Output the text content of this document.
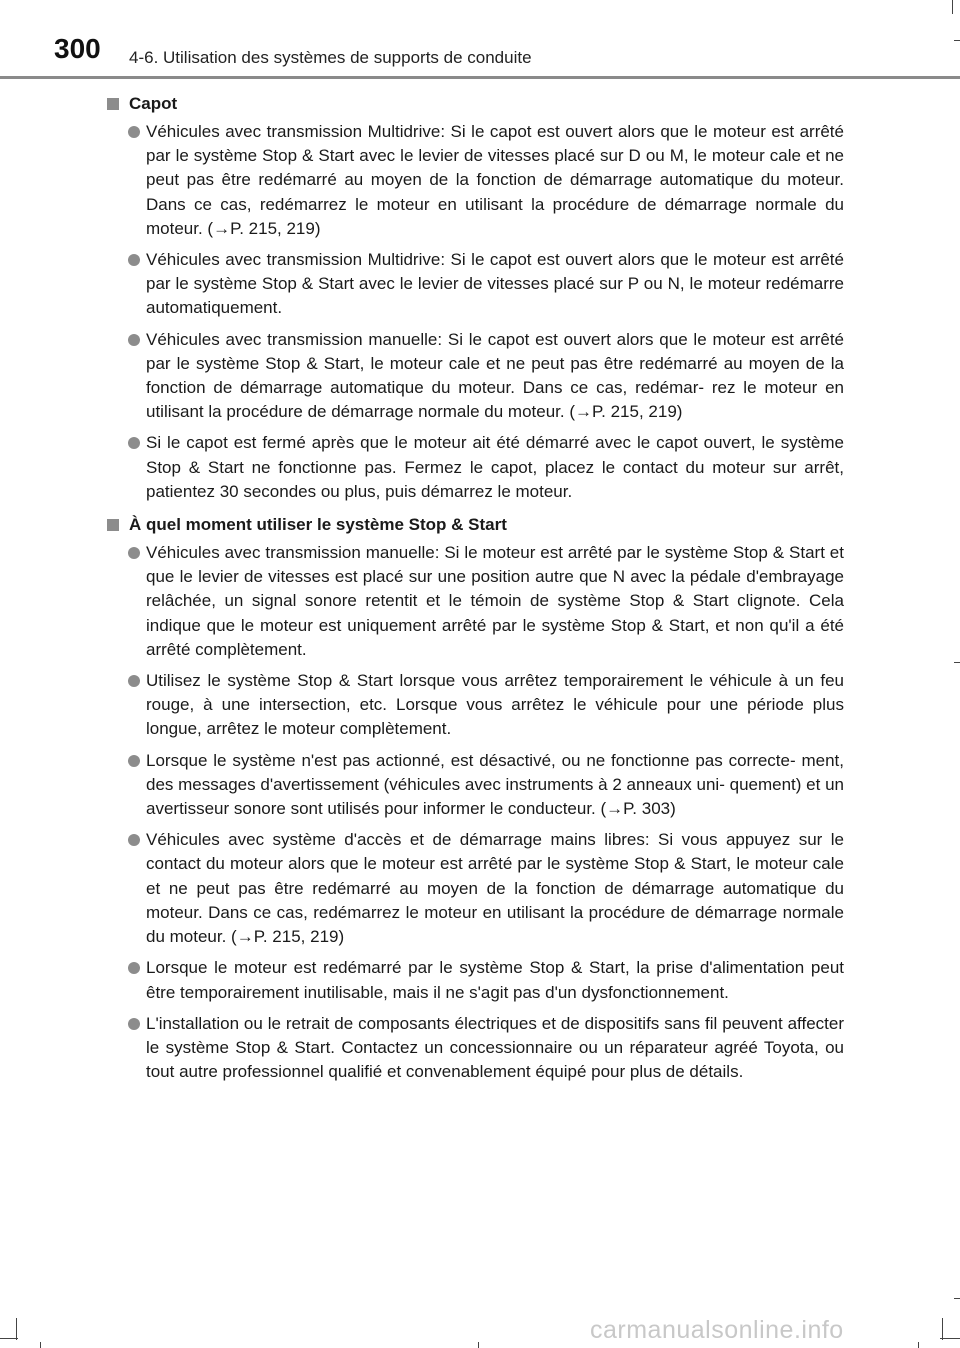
300 4-6. Utilisation des systèmes de supports de conduite
Capot
Véhicules avec transmission Multidrive: Si le capot est ouvert alors que le moteur est arrêté par le système Stop & Start avec le levier de vitesses placé sur D ou M, le moteur cale et ne peut pas être redémarré au moyen de la fonction de démarrage automatique du moteur. Dans ce cas, redémarrez le moteur en utilisant la procédure de démarrage normale du moteur. (→P. 215, 219)
Véhicules avec transmission Multidrive: Si le capot est ouvert alors que le moteur est arrêté par le système Stop & Start avec le levier de vitesses placé sur P ou N, le moteur redémarre automatiquement.
Véhicules avec transmission manuelle: Si le capot est ouvert alors que le moteur est arrêté par le système Stop & Start, le moteur cale et ne peut pas être redémarré au moyen de la fonction de démarrage automatique du moteur. Dans ce cas, redémar- rez le moteur en utilisant la procédure de démarrage normale du moteur. (→P. 215, 219)
Si le capot est fermé après que le moteur ait été démarré avec le capot ouvert, le système Stop & Start ne fonctionne pas. Fermez le capot, placez le contact du moteur sur arrêt, patientez 30 secondes ou plus, puis démarrez le moteur.
À quel moment utiliser le système Stop & Start
Véhicules avec transmission manuelle: Si le moteur est arrêté par le système Stop & Start et que le levier de vitesses est placé sur une position autre que N avec la pédale d'embrayage relâchée, un signal sonore retentit et le témoin de système Stop & Start clignote. Cela indique que le moteur est uniquement arrêté par le système Stop & Start, et non qu'il a été arrêté complètement.
Utilisez le système Stop & Start lorsque vous arrêtez temporairement le véhicule à un feu rouge, à une intersection, etc. Lorsque vous arrêtez le véhicule pour une période plus longue, arrêtez le moteur complètement.
Lorsque le système n'est pas actionné, est désactivé, ou ne fonctionne pas correcte- ment, des messages d'avertissement (véhicules avec instruments à 2 anneaux uni- quement) et un avertisseur sonore sont utilisés pour informer le conducteur. (→P. 303)
Véhicules avec système d'accès et de démarrage mains libres: Si vous appuyez sur le contact du moteur alors que le moteur est arrêté par le système Stop & Start, le moteur cale et ne peut pas être redémarré au moyen de la fonction de démarrage automatique du moteur. Dans ce cas, redémarrez le moteur en utilisant la procédure de démarrage normale du moteur. (→P. 215, 219)
Lorsque le moteur est redémarré par le système Stop & Start, la prise d'alimentation peut être temporairement inutilisable, mais il ne s'agit pas d'un dysfonctionnement.
L'installation ou le retrait de composants électriques et de dispositifs sans fil peuvent affecter le système Stop & Start. Contactez un concessionnaire ou un réparateur agréé Toyota, ou tout autre professionnel qualifié et convenablement équipé pour plus de détails.
carmanualsonline.info
